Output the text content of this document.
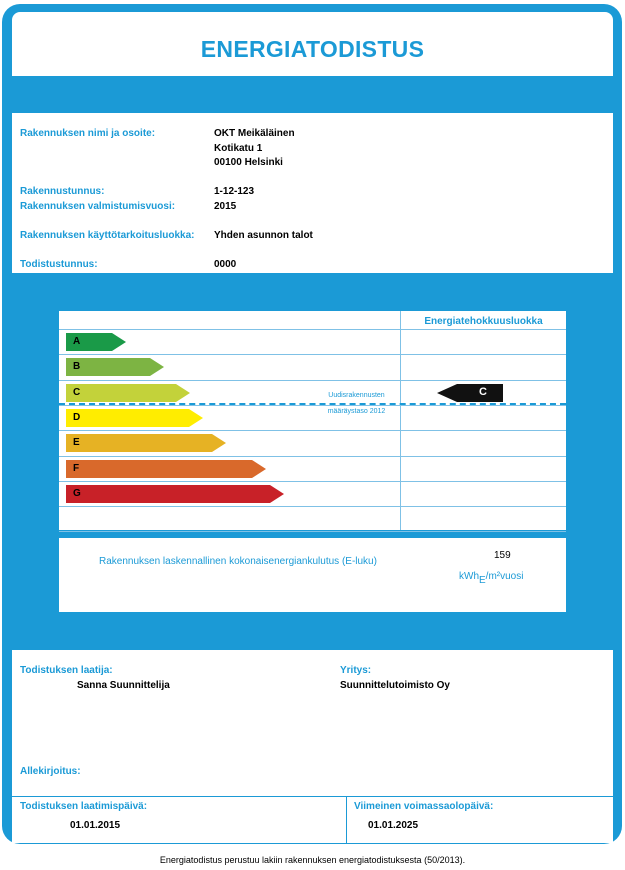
ENERGIATODISTUS
Rakennuksen nimi ja osoite:	OKT Meikäläinen
Kotikatu 1
00100 Helsinki
Rakennustunnus:	1-12-123
Rakennuksen valmistumisvuosi:	2015
Rakennuksen käyttötarkoitusluokka: Yhden asunnon talot
Todistustunnus:	0000
Energiatehokkuusluokka
Uudisrakennusten
määräystaso 2012
C
A
B
C
D
E
F
G
Rakennuksen laskennallinen kokonaisenergiankulutus (E-luku)
159
kWhE/m²vuosi
Todistuksen laatija:
Sanna Suunnittelija
Yritys:
Suunnittelutoimisto Oy
Allekirjoitus:
Todistuksen laatimispäivä:
01.01.2015
Viimeinen voimassaolopäivä:
01.01.2025
Energiatodistus perustuu lakiin rakennuksen energiatodistuksesta (50/2013).
